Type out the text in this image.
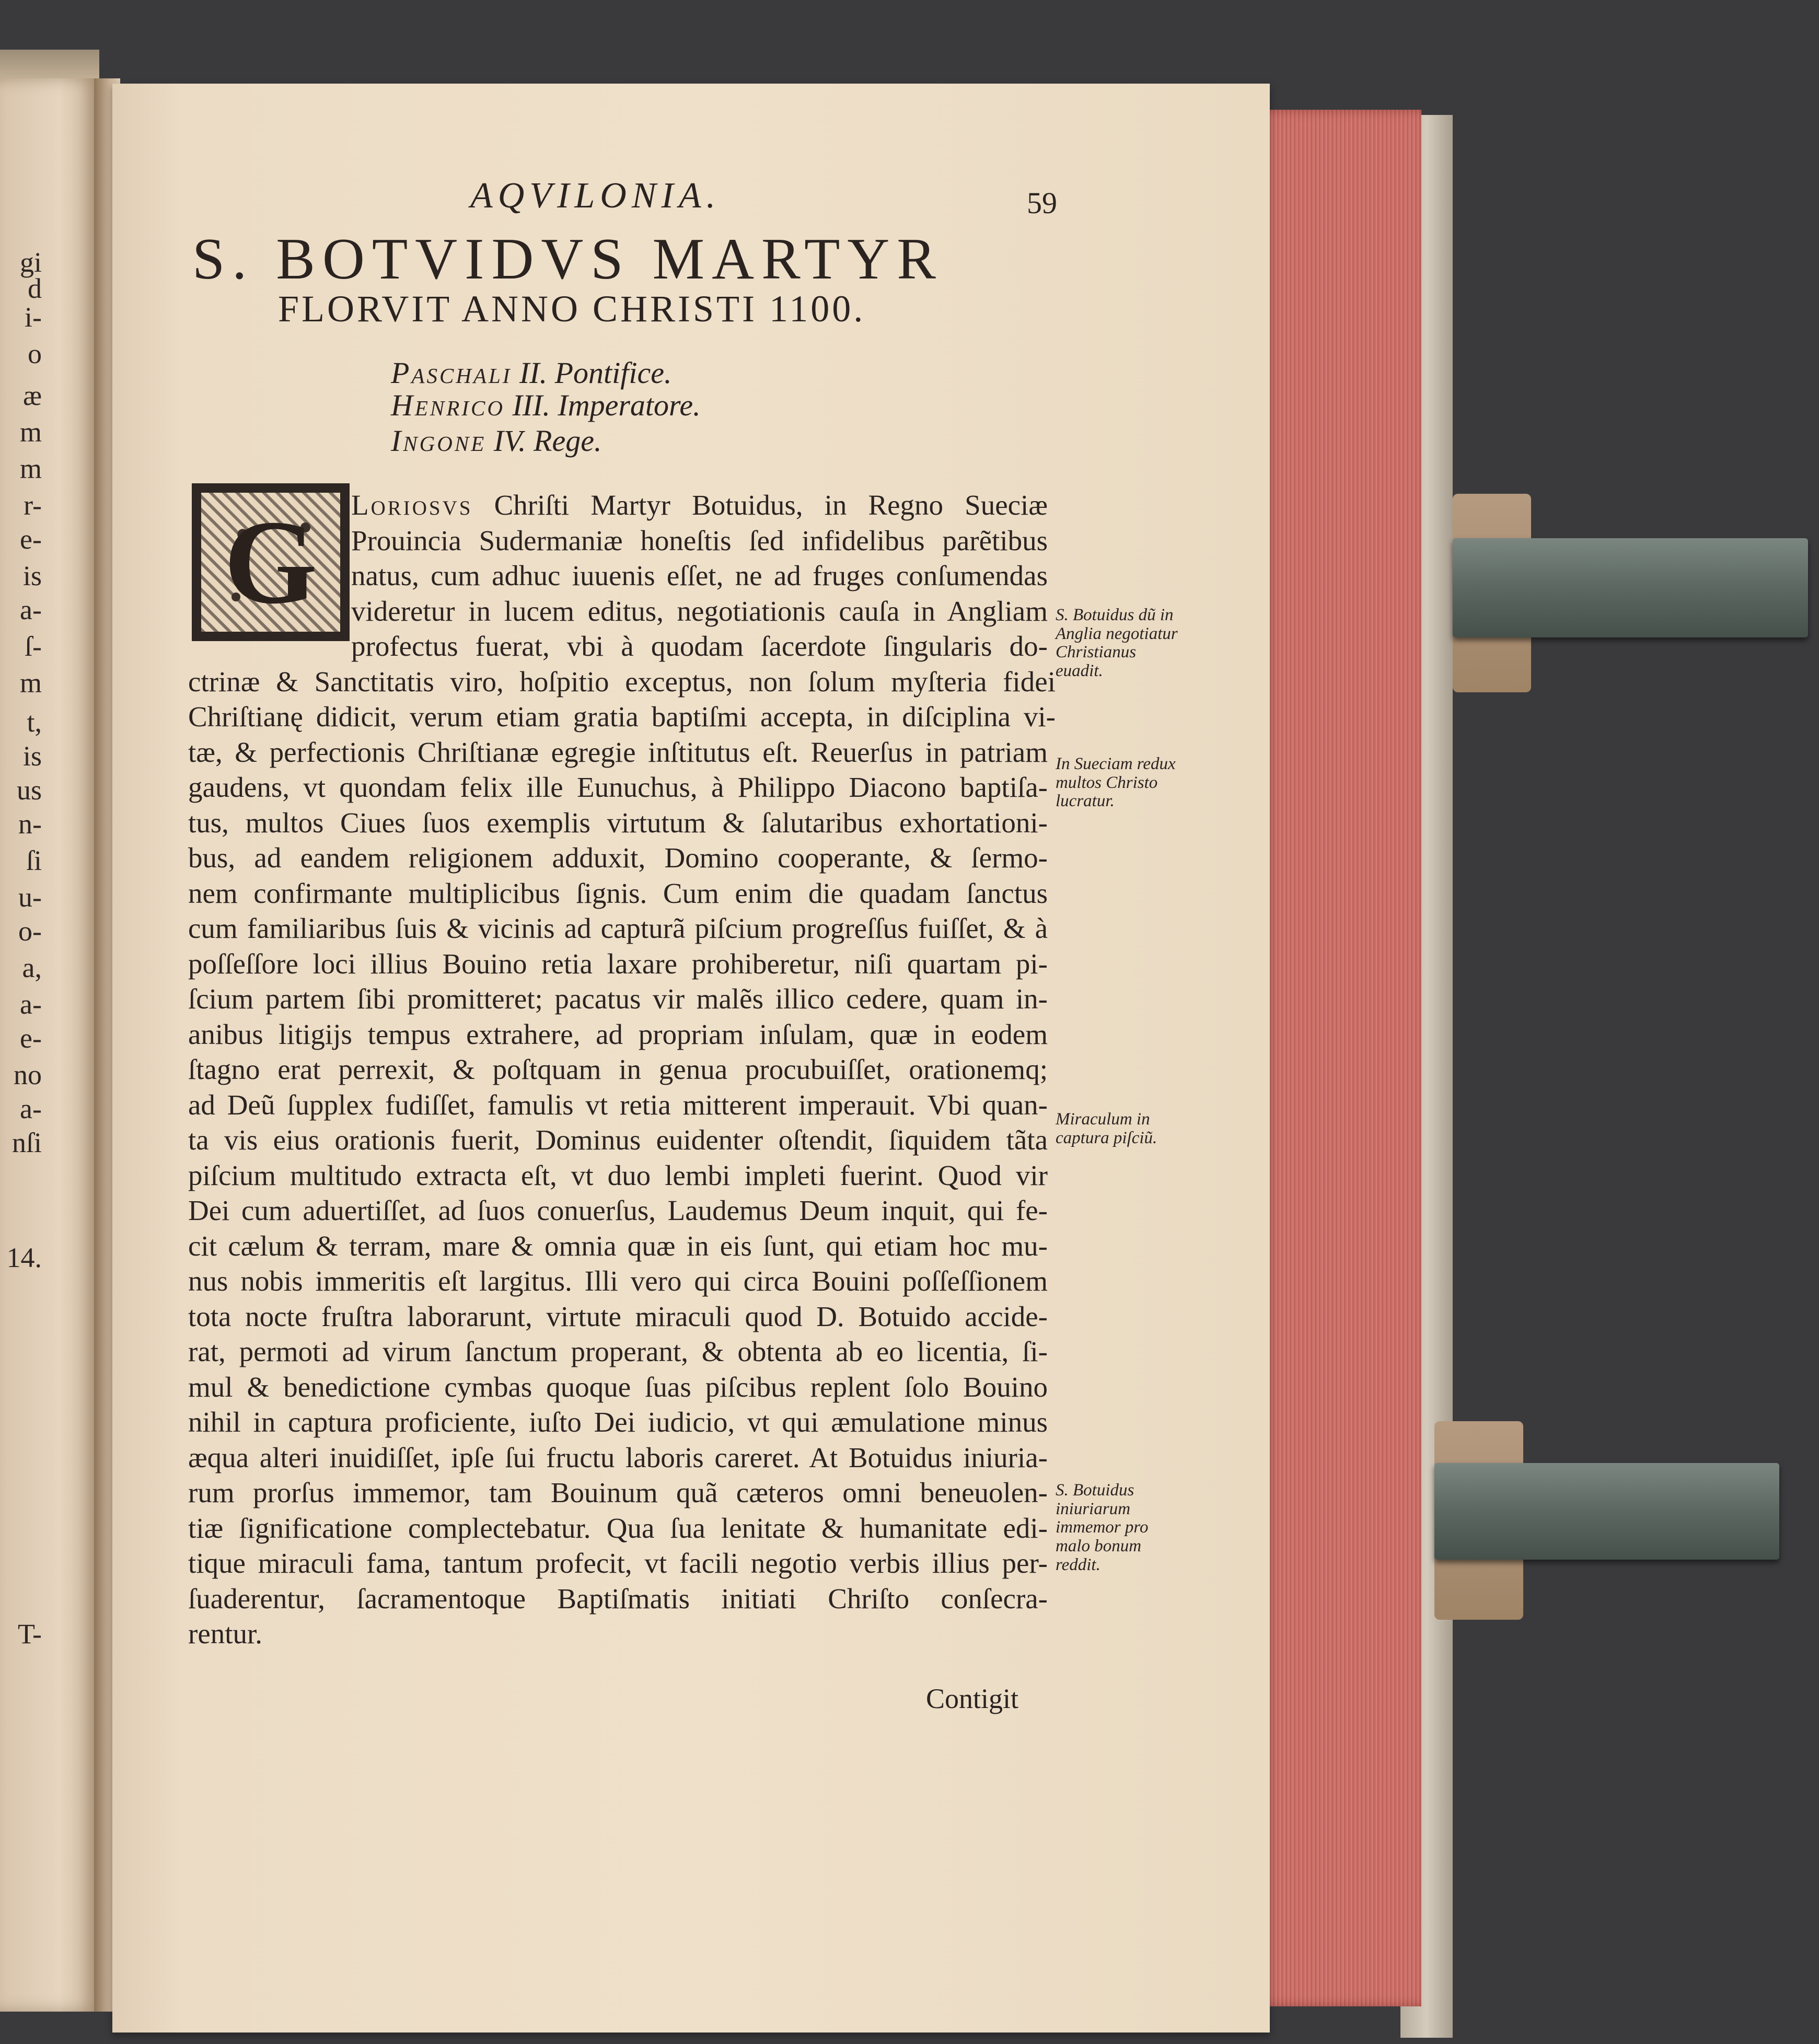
gi
d
i-
o
æ
m
m
r-
e-
is
a-
ſ-
m
t,
is
us
n-
ſi
u-
o-
a,
a-
e-
no
a-
nſi
14.
T-
AQVILONIA.	59
S. BOTVIDVS MARTYR
FLORVIT ANNO CHRISTI 1100.
Paschali II. Pontifice.
Henrico III. Imperatore.
Ingone IV. Rege.
G	Loriosvs Chriſti Martyr Botuidus, in Regno Sueciæ
Prouincia Sudermaniæ honeſtis ſed infidelibus parẽtibus
natus, cum adhuc iuuenis eſſet, ne ad fruges conſumendas
videretur in lucem editus, negotiationis cauſa in Angliam
profectus fuerat, vbi à quodam ſacerdote ſingularis do-
ctrinæ & Sanctitatis viro, hoſpitio exceptus, non ſolum myſteria fidei
Chriſtianę didicit, verum etiam gratia baptiſmi accepta, in diſciplina vi-
tæ, & perfectionis Chriſtianæ egregie inſtitutus eſt. Reuerſus in patriam
gaudens, vt quondam felix ille Eunuchus, à Philippo Diacono baptiſa-
tus, multos Ciues ſuos exemplis virtutum & ſalutaribus exhortationi-
bus, ad eandem religionem adduxit, Domino cooperante, & ſermo-
nem confirmante multiplicibus ſignis. Cum enim die quadam ſanctus
cum familiaribus ſuis & vicinis ad capturã piſcium progreſſus fuiſſet, & à
poſſeſſore loci illius Bouino retia laxare prohiberetur, niſi quartam pi-
ſcium partem ſibi promitteret; pacatus vir malẽs illico cedere, quam in-
anibus litigijs tempus extrahere, ad propriam inſulam, quæ in eodem
ſtagno erat perrexit, & poſtquam in genua procubuiſſet, orationemq;
ad Deũ ſupplex fudiſſet, famulis vt retia mitterent imperauit. Vbi quan-
ta vis eius orationis fuerit, Dominus euidenter oſtendit, ſiquidem tãta
piſcium multitudo extracta eſt, vt duo lembi impleti fuerint. Quod vir
Dei cum aduertiſſet, ad ſuos conuerſus, Laudemus Deum inquit, qui fe-
cit cælum & terram, mare & omnia quæ in eis ſunt, qui etiam hoc mu-
nus nobis immeritis eſt largitus. Illi vero qui circa Bouini poſſeſſionem
tota nocte fruſtra laborarunt, virtute miraculi quod D. Botuido accide-
rat, permoti ad virum ſanctum properant, & obtenta ab eo licentia, ſi-
mul & benedictione cymbas quoque ſuas piſcibus replent ſolo Bouino
nihil in captura proficiente, iuſto Dei iudicio, vt qui æmulatione minus
æqua alteri inuidiſſet, ipſe ſui fructu laboris careret. At Botuidus iniuria-
rum prorſus immemor, tam Bouinum quã cæteros omni beneuolen-
tiæ ſignificatione complectebatur. Qua ſua lenitate & humanitate edi-
tique miraculi fama, tantum profecit, vt facili negotio verbis illius per-
ſuaderentur, ſacramentoque Baptiſmatis initiati Chriſto conſecra-
rentur.
S. Botuidus dũ in Anglia negotiatur Christianus euadit.
In Sueciam redux multos Christo lucratur.
Miraculum in captura piſciũ.
S. Botuidus iniuriarum immemor pro malo bonum reddit.
Contigit
